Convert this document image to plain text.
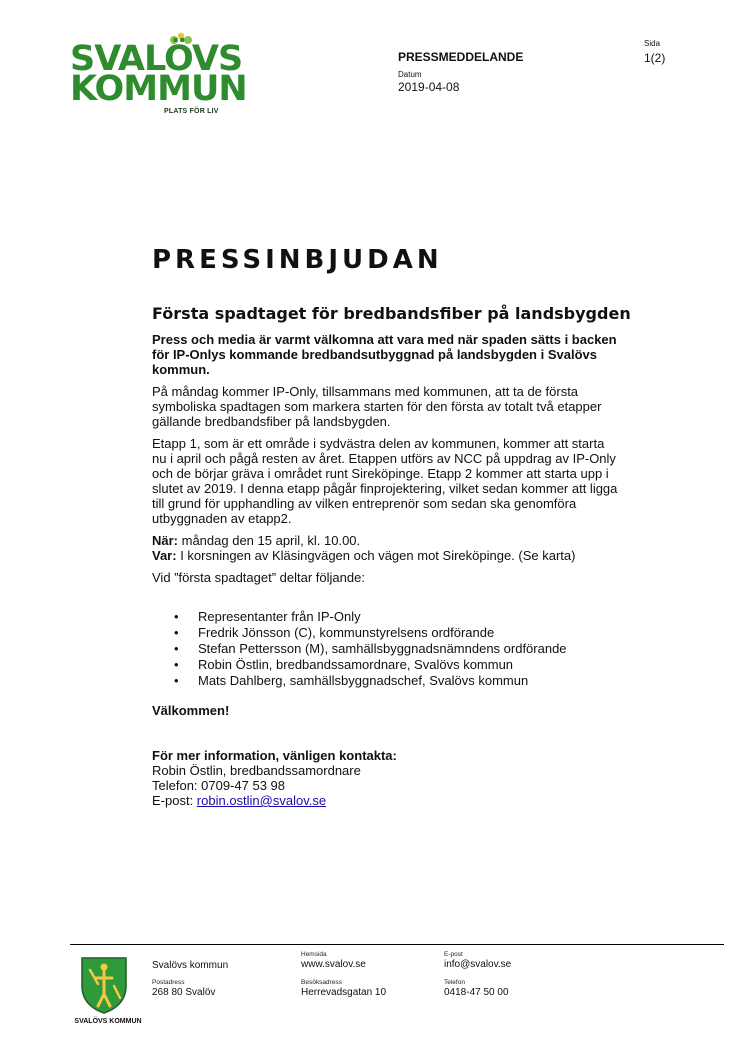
SVALÖVS
KOMMUN
PLATS FÖR LIV
PRESSMEDDELANDE
Datum
2019-04-08
Sida
1(2)
PRESSINBJUDAN
Första spadtaget för bredbandsfiber på landsbygden

Press och media är varmt välkomna att vara med när spaden sätts i backen för IP-Onlys kommande bredbandsutbyggnad på landsbygden i Svalövs kommun.

På måndag kommer IP-Only, tillsammans med kommunen, att ta de första symboliska spadtagen som markera starten för den första av totalt två etapper gällande bredbandsfiber på landsbygden.

Etapp 1, som är ett område i sydvästra delen av kommunen, kommer att starta nu i april och pågå resten av året. Etappen utförs av NCC på uppdrag av IP-Only och de börjar gräva i området runt Sireköpinge. Etapp 2 kommer att starta upp i slutet av 2019. I denna etapp pågår finprojektering, vilket sedan kommer att ligga till grund för upphandling av vilken entreprenör som sedan ska genomföra utbyggnaden av etapp2.

När: måndag den 15 april, kl. 10.00.

Var: I korsningen av Kläsingvägen och vägen mot Sireköpinge. (Se karta)

Vid ”första spadtaget” deltar följande:

• Representanter från IP-Only
• Fredrik Jönsson (C), kommunstyrelsens ordförande
• Stefan Pettersson (M), samhällsbyggnadsnämndens ordförande
• Robin Östlin, bredbandssamordnare, Svalövs kommun
• Mats Dahlberg, samhällsbyggnadschef, Svalövs kommun

Välkommen!

För mer information, vänligen kontakta:

Robin Östlin, bredbandssamordnare

Telefon: 0709-47 53 98

E-post: robin.ostlin@svalov.se

SVALÖVS KOMMUN
Svalövs kommun
Postadress
268 80 Svalöv
Hemsida
www.svalov.se
Besöksadress
Herrevadsgatan 10
E-post
info@svalov.se
Telefon
0418-47 50 00
